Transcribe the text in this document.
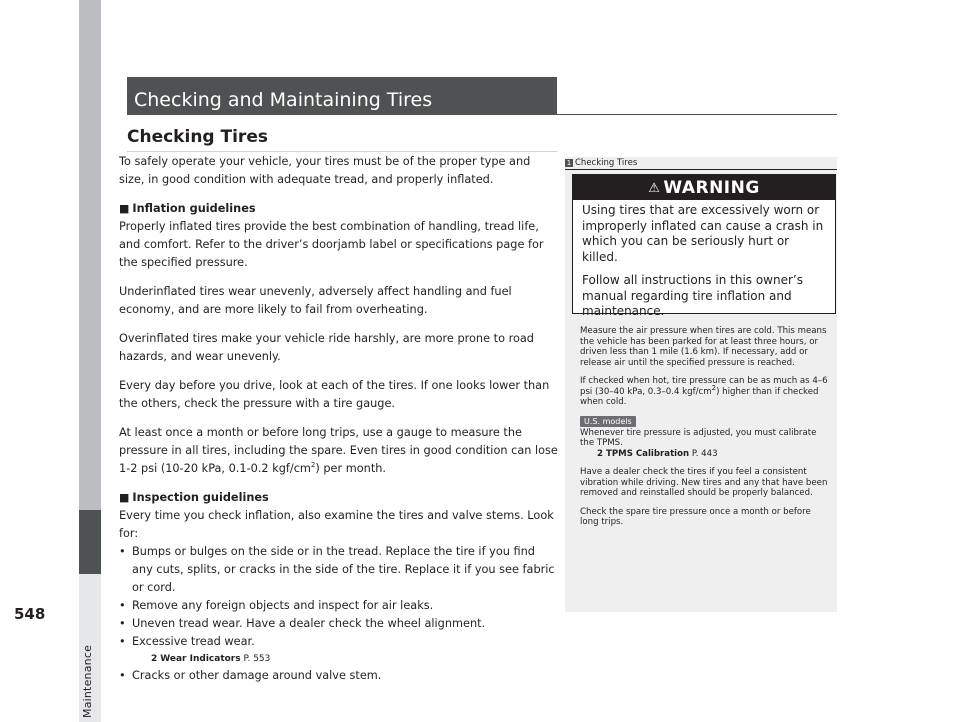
Maintenance
548
Checking and Maintaining Tires
Checking Tires

To safely operate your vehicle, your tires must be of the proper type and size, in good condition with adequate tread, and properly inflated.

■ Inflation guidelines

Properly inflated tires provide the best combination of handling, tread life, and comfort. Refer to the driver’s doorjamb label or specifications page for the specified pressure.

Underinflated tires wear unevenly, adversely affect handling and fuel economy, and are more likely to fail from overheating.

Overinflated tires make your vehicle ride harshly, are more prone to road hazards, and wear unevenly.

Every day before you drive, look at each of the tires. If one looks lower than the others, check the pressure with a tire gauge.

At least once a month or before long trips, use a gauge to measure the pressure in all tires, including the spare. Even tires in good condition can lose 1-2 psi (10-20 kPa, 0.1-0.2 kgf/$cm^2$) per month.

■ Inspection guidelines
Every time you check inflation, also examine the tires and valve stems. Look for:
• Bumps or bulges on the side or in the tread. Replace the tire if you find any cuts, splits, or cracks in the side of the tire. Replace it if you see fabric or cord.
• Remove any foreign objects and inspect for air leaks.
• Uneven tread wear. Have a dealer check the wheel alignment.
• Excessive tread wear.
2 Wear Indicators P. 553
• Cracks or other damage around valve stem.
1 Checking Tires
⚠ WARNING

Using tires that are excessively worn or improperly inflated can cause a crash in which you can be seriously hurt or killed.

Follow all instructions in this owner’s manual regarding tire inflation and maintenance.

Measure the air pressure when tires are cold. This means the vehicle has been parked for at least three hours, or driven less than 1 mile (1.6 km). If necessary, add or release air until the specified pressure is reached.

If checked when hot, tire pressure can be as much as 4–6 psi (30–40 kPa, 0.3–0.4 kgf/$cm^2$) higher than if checked when cold.

U.S. models
Whenever tire pressure is adjusted, you must calibrate the TPMS.

2 TPMS Calibration P. 443

Have a dealer check the tires if you feel a consistent vibration while driving. New tires and any that have been removed and reinstalled should be properly balanced.

Check the spare tire pressure once a month or before long trips.
